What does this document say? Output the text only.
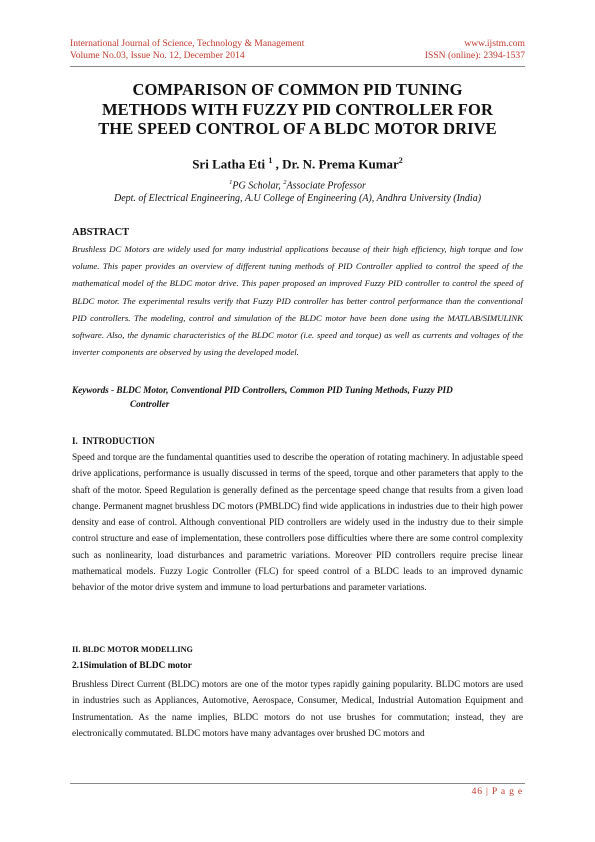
International Journal of Science, Technology & Management
Volume No.03, Issue No. 12, December 2014
www.ijstm.com
ISSN (online): 2394-1537
COMPARISON OF COMMON PID TUNING
METHODS WITH FUZZY PID CONTROLLER FOR
THE SPEED CONTROL OF A BLDC MOTOR DRIVE
Sri Latha Eti $^1$ , Dr. N. Prema Kumar$^2$
$^1$PG Scholar, $^2$Associate Professor
Dept. of Electrical Engineering, A.U College of Engineering (A), Andhra University (India)
ABSTRACT
Brushless DC Motors are widely used for many industrial applications because of their high efficiency, high torque and low volume. This paper provides an overview of different tuning methods of PID Controller applied to control the speed of the mathematical model of the BLDC motor drive. This paper proposed an improved Fuzzy PID controller to control the speed of BLDC motor. The experimental results verify that Fuzzy PID controller has better control performance than the conventional PID controllers. The modeling, control and simulation of the BLDC motor have been done using the MATLAB/SIMULINK software. Also, the dynamic characteristics of the BLDC motor (i.e. speed and torque) as well as currents and voltages of the inverter components are observed by using the developed model.
Keywords - BLDC Motor, Conventional PID Controllers, Common PID Tuning Methods, Fuzzy PID
Controller
I. INTRODUCTION
Speed and torque are the fundamental quantities used to describe the operation of rotating machinery. In adjustable speed drive applications, performance is usually discussed in terms of the speed, torque and other parameters that apply to the shaft of the motor. Speed Regulation is generally defined as the percentage speed change that results from a given load change. Permanent magnet brushless DC motors (PMBLDC) find wide applications in industries due to their high power density and ease of control. Although conventional PID controllers are widely used in the industry due to their simple control structure and ease of implementation, these controllers pose difficulties where there are some control complexity such as nonlinearity, load disturbances and parametric variations. Moreover PID controllers require precise linear mathematical models. Fuzzy Logic Controller (FLC) for speed control of a BLDC leads to an improved dynamic behavior of the motor drive system and immune to load perturbations and parameter variations.
II. BLDC MOTOR MODELLING
2.1Simulation of BLDC motor
Brushless Direct Current (BLDC) motors are one of the motor types rapidly gaining popularity. BLDC motors are used in industries such as Appliances, Automotive, Aerospace, Consumer, Medical, Industrial Automation Equipment and Instrumentation. As the name implies, BLDC motors do not use brushes for commutation; instead, they are electronically commutated. BLDC motors have many advantages over brushed DC motors and
46 | P a g e
